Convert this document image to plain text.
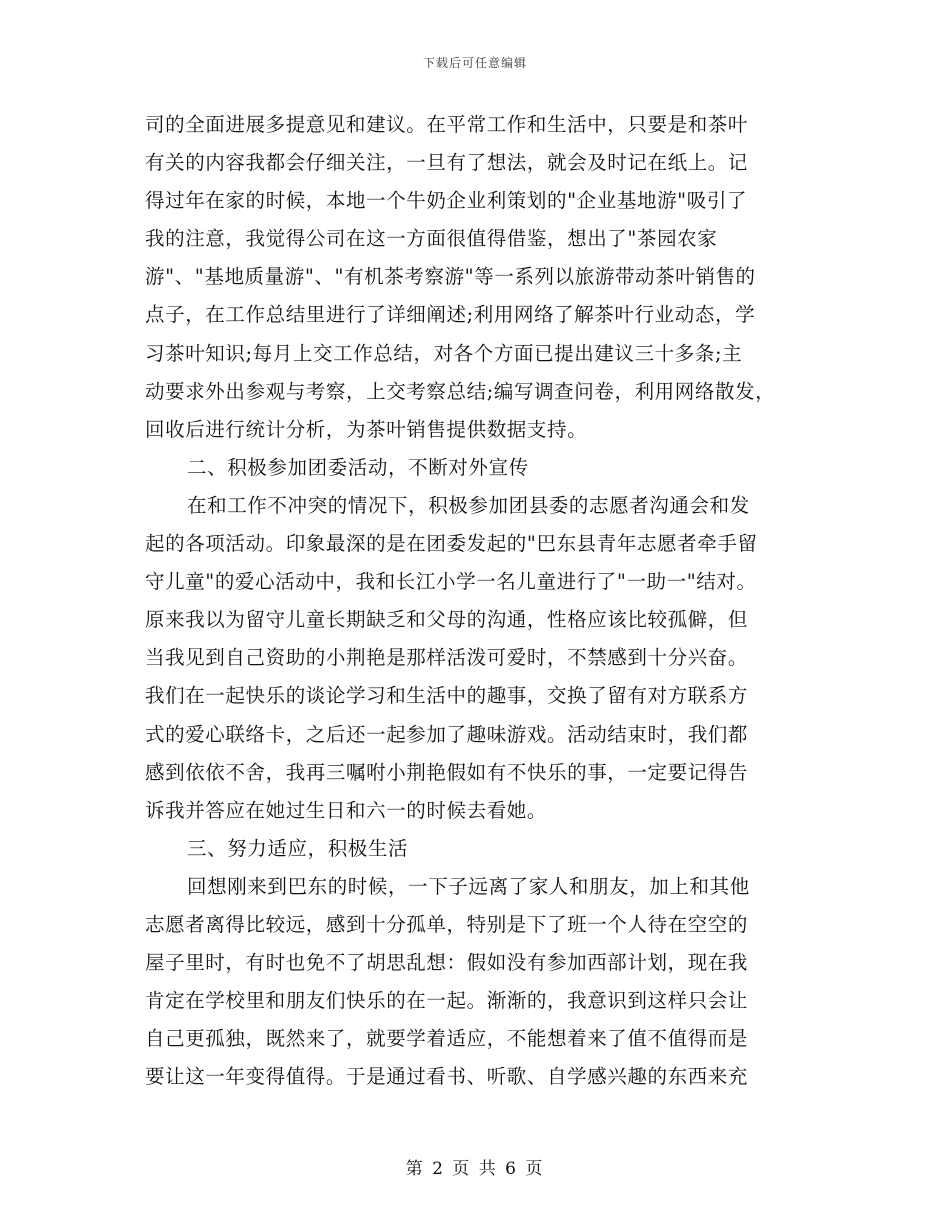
下载后可任意编辑
司的全面进展多提意见和建议。在平常工作和生活中，只要是和茶叶
有关的内容我都会仔细关注，一旦有了想法，就会及时记在纸上。记
得过年在家的时候，本地一个牛奶企业利策划的"企业基地游"吸引了
我的注意，我觉得公司在这一方面很值得借鉴，想出了"茶园农家
游"、"基地质量游"、"有机茶考察游"等一系列以旅游带动茶叶销售的
点子，在工作总结里进行了详细阐述;利用网络了解茶叶行业动态，学
习茶叶知识;每月上交工作总结，对各个方面已提出建议三十多条;主
动要求外出参观与考察，上交考察总结;编写调查问卷，利用网络散发，
回收后进行统计分析，为茶叶销售提供数据支持。
二、积极参加团委活动，不断对外宣传
在和工作不冲突的情况下，积极参加团县委的志愿者沟通会和发
起的各项活动。印象最深的是在团委发起的"巴东县青年志愿者牵手留
守儿童"的爱心活动中，我和长江小学一名儿童进行了"一助一"结对。
原来我以为留守儿童长期缺乏和父母的沟通，性格应该比较孤僻，但
当我见到自己资助的小荆艳是那样活泼可爱时，不禁感到十分兴奋。
我们在一起快乐的谈论学习和生活中的趣事，交换了留有对方联系方
式的爱心联络卡，之后还一起参加了趣味游戏。活动结束时，我们都
感到依依不舍，我再三嘱咐小荆艳假如有不快乐的事，一定要记得告
诉我并答应在她过生日和六一的时候去看她。
三、努力适应，积极生活
回想刚来到巴东的时候，一下子远离了家人和朋友，加上和其他
志愿者离得比较远，感到十分孤单，特别是下了班一个人待在空空的
屋子里时，有时也免不了胡思乱想：假如没有参加西部计划，现在我
肯定在学校里和朋友们快乐的在一起。渐渐的，我意识到这样只会让
自己更孤独，既然来了，就要学着适应，不能想着来了值不值得而是
要让这一年变得值得。于是通过看书、听歌、自学感兴趣的东西来充
第 2 页 共 6 页
